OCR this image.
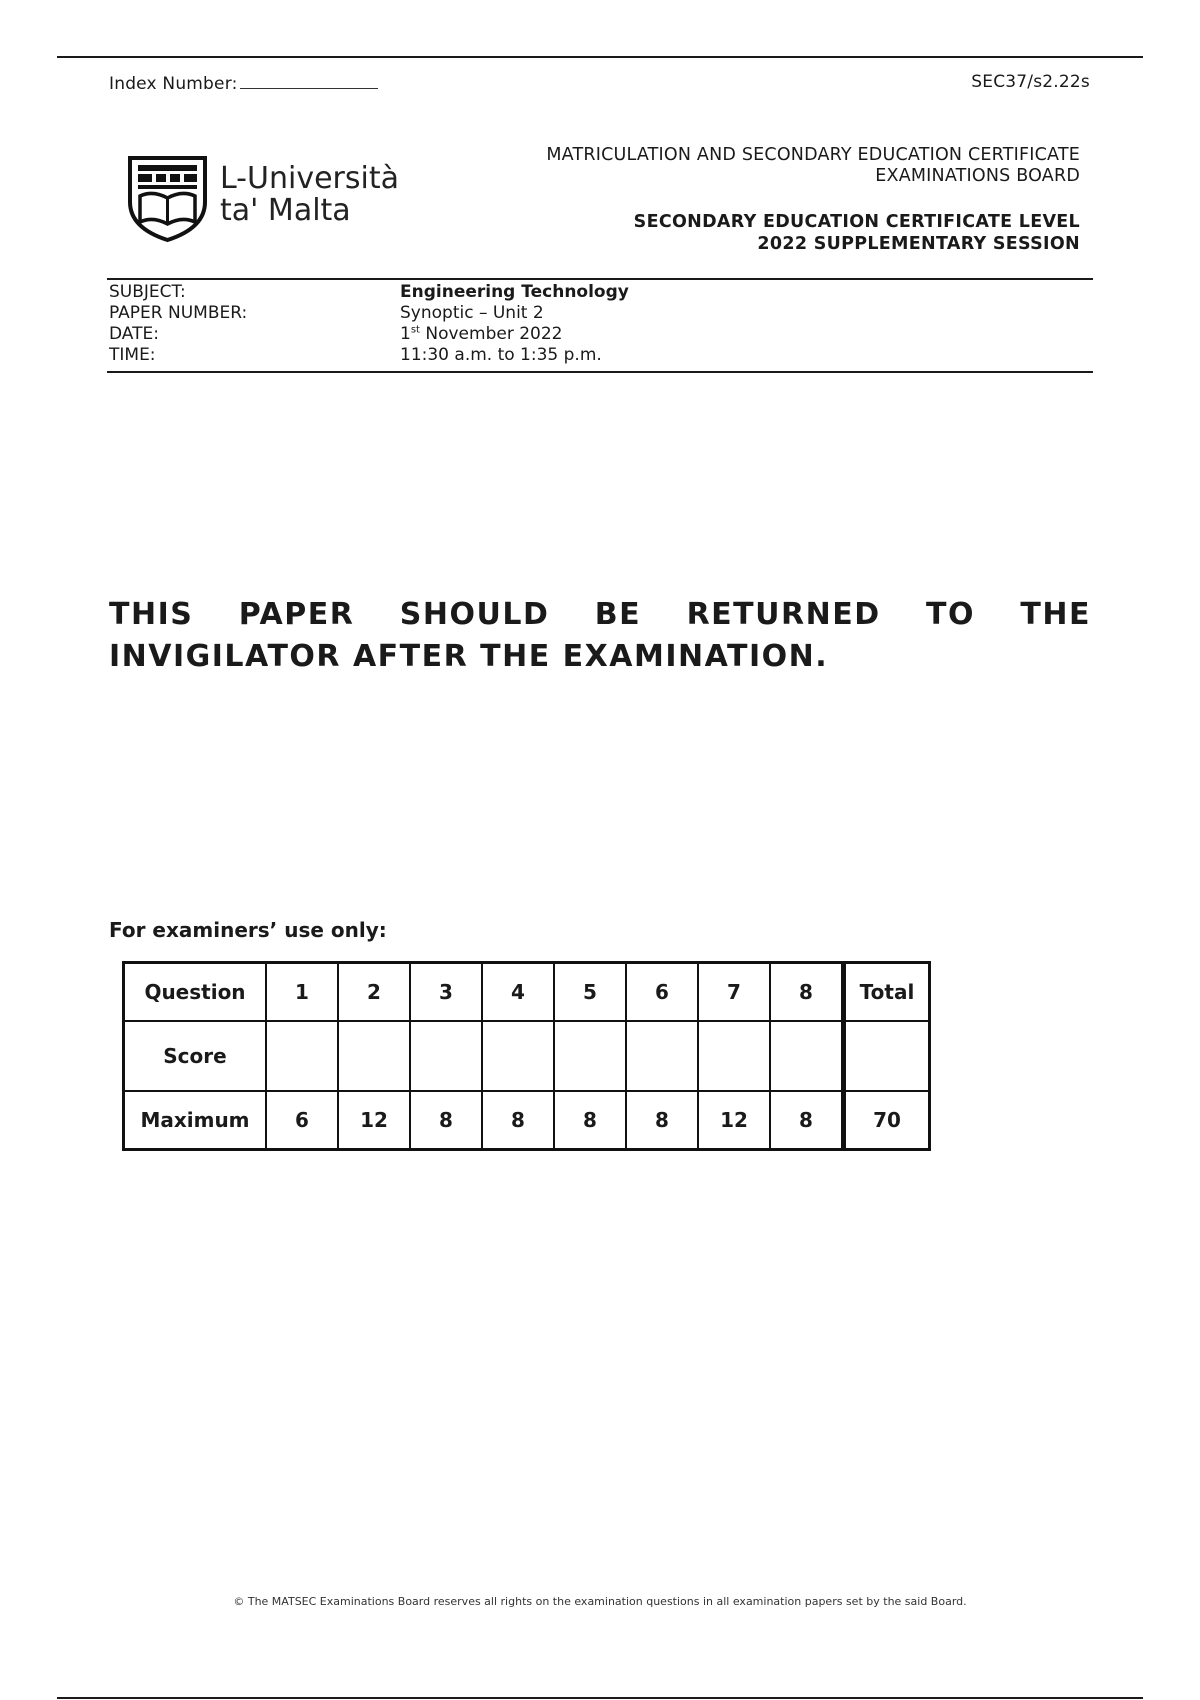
Index Number:	SEC37/s2.22s
L-Università
ta' Malta
MATRICULATION AND SECONDARY EDUCATION CERTIFICATE
EXAMINATIONS BOARD
SECONDARY EDUCATION CERTIFICATE LEVEL
2022 SUPPLEMENTARY SESSION
SUBJECT:	Engineering Technology
PAPER NUMBER:	Synoptic – Unit 2
DATE:	1st November 2022
TIME:	11:30 a.m. to 1:35 p.m.
THIS PAPER SHOULD BE RETURNED TO THE INVIGILATOR AFTER THE EXAMINATION.
For examiners’ use only:
Question	1	2	3	4	5	6	7	8	Total
Score									
Maximum	6	12	8	8	8	8	12	8	70
© The MATSEC Examinations Board reserves all rights on the examination questions in all examination papers set by the said Board.
